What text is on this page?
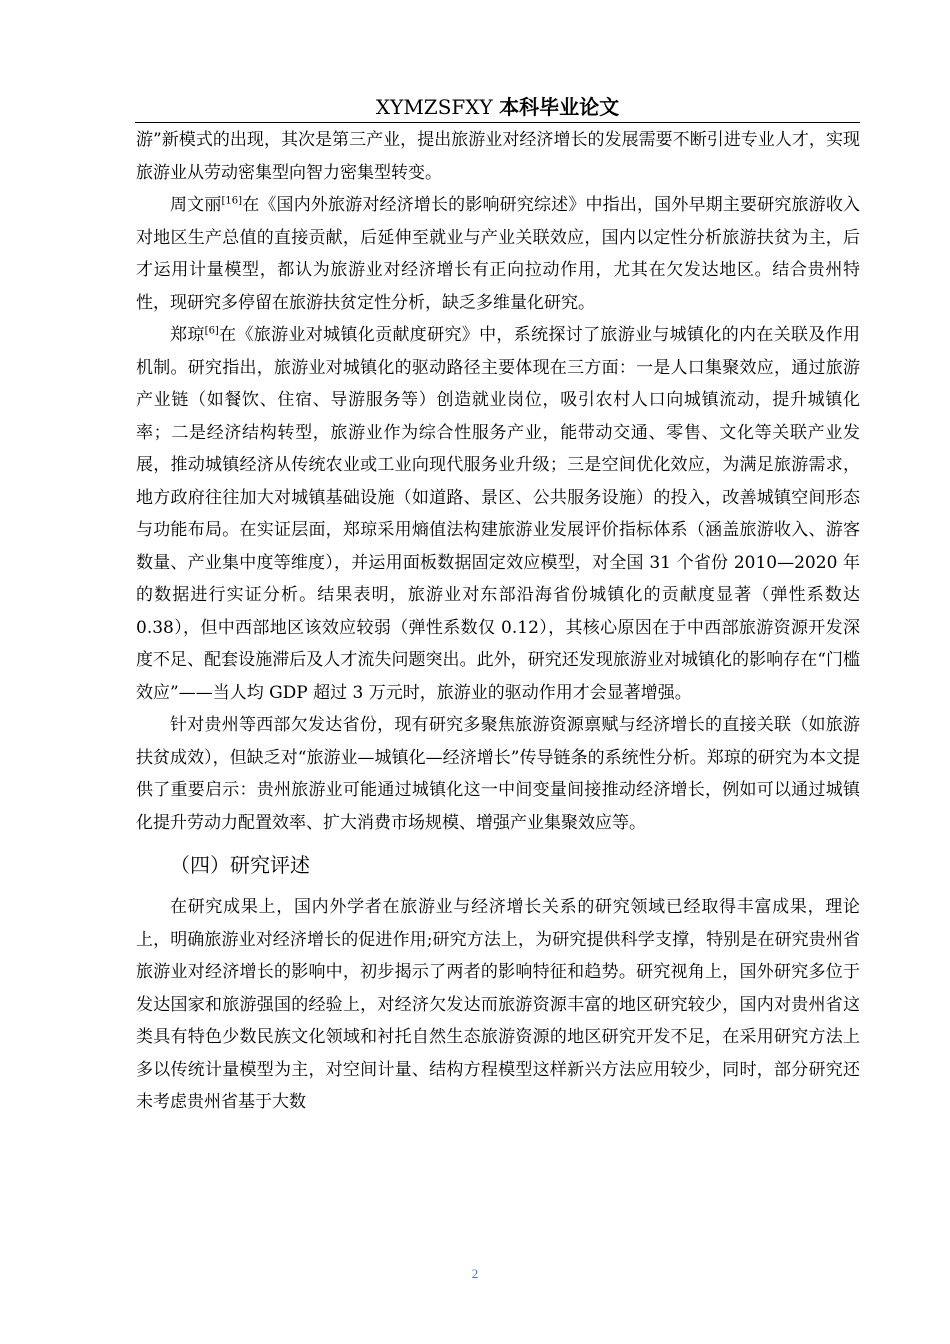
XYMZSFXY 本科毕业论文

游”新模式的出现，其次是第三产业，提出旅游业对经济增长的发展需要不断引进专业人才，实现旅游业从劳动密集型向智力密集型转变。

周文丽[16]在《国内外旅游对经济增长的影响研究综述》中指出，国外早期主要研究旅游收入对地区生产总值的直接贡献，后延伸至就业与产业关联效应，国内以定性分析旅游扶贫为主，后才运用计量模型，都认为旅游业对经济增长有正向拉动作用，尤其在欠发达地区。结合贵州特性，现研究多停留在旅游扶贫定性分析，缺乏多维量化研究。

郑琼[6]在《旅游业对城镇化贡献度研究》中，系统探讨了旅游业与城镇化的内在关联及作用机制。研究指出，旅游业对城镇化的驱动路径主要体现在三方面：一是人口集聚效应，通过旅游产业链（如餐饮、住宿、导游服务等）创造就业岗位，吸引农村人口向城镇流动，提升城镇化率；二是经济结构转型，旅游业作为综合性服务产业，能带动交通、零售、文化等关联产业发展，推动城镇经济从传统农业或工业向现代服务业升级；三是空间优化效应，为满足旅游需求，地方政府往往加大对城镇基础设施（如道路、景区、公共服务设施）的投入，改善城镇空间形态与功能布局。在实证层面，郑琼采用熵值法构建旅游业发展评价指标体系（涵盖旅游收入、游客数量、产业集中度等维度），并运用面板数据固定效应模型，对全国 31 个省份 2010—2020 年的数据进行实证分析。结果表明，旅游业对东部沿海省份城镇化的贡献度显著（弹性系数达 0.38），但中西部地区该效应较弱（弹性系数仅 0.12），其核心原因在于中西部旅游资源开发深度不足、配套设施滞后及人才流失问题突出。此外，研究还发现旅游业对城镇化的影响存在“门槛效应”——当人均 GDP 超过 3 万元时，旅游业的驱动作用才会显著增强。

针对贵州等西部欠发达省份，现有研究多聚焦旅游资源禀赋与经济增长的直接关联（如旅游扶贫成效），但缺乏对“旅游业—城镇化—经济增长”传导链条的系统性分析。郑琼的研究为本文提供了重要启示：贵州旅游业可能通过城镇化这一中间变量间接推动经济增长，例如可以通过城镇化提升劳动力配置效率、扩大消费市场规模、增强产业集聚效应等。

（四）研究评述

在研究成果上，国内外学者在旅游业与经济增长关系的研究领域已经取得丰富成果，理论上，明确旅游业对经济增长的促进作用;研究方法上，为研究提供科学支撑，特别是在研究贵州省旅游业对经济增长的影响中，初步揭示了两者的影响特征和趋势。研究视角上，国外研究多位于发达国家和旅游强国的经验上，对经济欠发达而旅游资源丰富的地区研究较少，国内对贵州省这类具有特色少数民族文化领域和衬托自然生态旅游资源的地区研究开发不足，在采用研究方法上多以传统计量模型为主，对空间计量、结构方程模型这样新兴方法应用较少，同时，部分研究还未考虑贵州省基于大数

2
